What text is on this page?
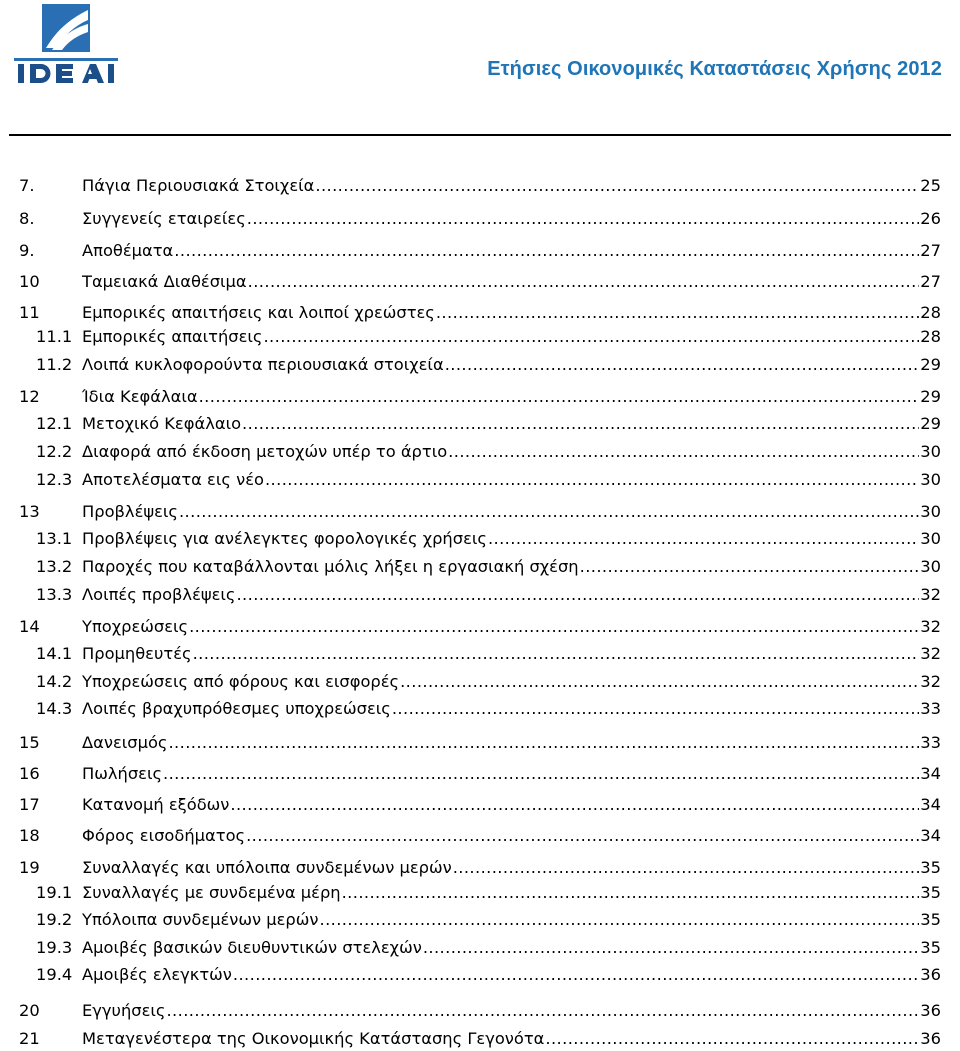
Ετήσιες Οικονομικές Καταστάσεις Χρήσης 2012
7.	Πάγια Περιουσιακά Στοιχεία .....	25
8.	Συγγενείς εταιρείες .....	26
9.	Αποθέματα .....	27
10	Ταμειακά Διαθέσιμα .....	27
11	Εμπορικές απαιτήσεις και λοιποί χρεώστες .....	28
11.1 Εμπορικές απαιτήσεις .....	28
11.2 Λοιπά κυκλοφορούντα περιουσιακά στοιχεία .....	29
12	Ίδια Κεφάλαια .....	29
12.1 Μετοχικό Κεφάλαιο .....	29
12.2 Διαφορά από έκδοση μετοχών υπέρ το άρτιο .....	30
12.3 Αποτελέσματα εις νέο .....	30
13	Προβλέψεις .....	30
13.1 Προβλέψεις για ανέλεγκτες φορολογικές χρήσεις .....	30
13.2 Παροχές που καταβάλλονται μόλις λήξει η εργασιακή σχέση .....	30
13.3 Λοιπές προβλέψεις .....	32
14	Υποχρεώσεις .....	32
14.1 Προμηθευτές .....	32
14.2 Υποχρεώσεις από φόρους και εισφορές .....	32
14.3 Λοιπές βραχυπρόθεσμες υποχρεώσεις .....	33
15	Δανεισμός .....	33
16	Πωλήσεις .....	34
17	Κατανομή εξόδων .....	34
18	Φόρος εισοδήματος .....	34
19	Συναλλαγές και υπόλοιπα συνδεμένων μερών .....	35
19.1 Συναλλαγές με συνδεμένα μέρη .....	35
19.2 Υπόλοιπα συνδεμένων μερών .....	35
19.3 Αμοιβές βασικών διευθυντικών στελεχών .....	35
19.4 Αμοιβές ελεγκτών .....	36
20	Εγγυήσεις .....	36
21	Μεταγενέστερα της Οικονομικής Κατάστασης Γεγονότα .....	36
